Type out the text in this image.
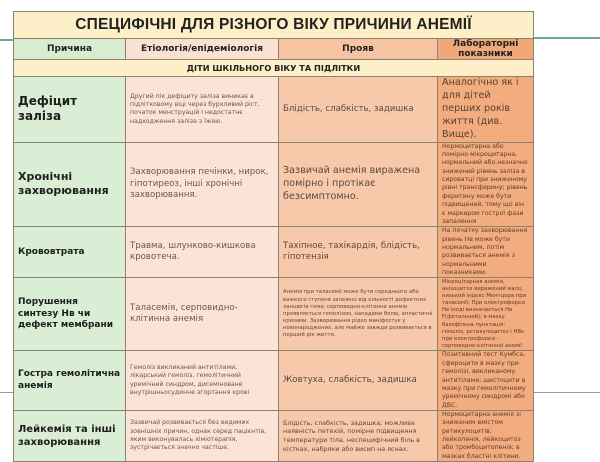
СПЕЦИФІЧНІ ДЛЯ РІЗНОГО ВІКУ ПРИЧИНИ АНЕМІЇ			
Причина	Етіологія/епідеміологія	Прояв	Лабораторні показники
ДІТИ ШКІЛЬНОГО ВІКУ ТА ПІДЛІТКИ			
Дефіцит заліза	Другий пік дефіциту заліза виникає в підлітковому віці через бурхливий ріст, початок менструацій і недостатнє надходження заліза з їжею.	Блідість, слабкість, задишка	Аналогічно як і для дітей перших років життя (див. Вище).
Хронічні захворювання	Захворювання печінки, нирок, гіпотиреоз, інші хронічні захворювання.	Зазвичай анемія виражена помірно і протікає безсимптомно.	Нормоцитарна або помірно мікроцитарна, нормальний або незначно знижений рівень заліза в сироватці при зниженому рівні трансферину; рівень феритину може бути підвищений, тому що він є маркером гострої фази запалення
Крововтрата	Травма, шлунково-кишкова кровотеча.	Тахіпное, тахікардія, блідість, гіпотензія	На початку захворювання рівень Нв може бути нормальним, потім розвивається анемія з нормальними показниками.
Порушення синтезу Нв чи дефект мембрани	Таласемія, серповидно-клітинна анемія	Анемія при таласемії може бути середнього або важкого ступеня залежно від кількості дефектних ланцюгів гема: серповидно-клітинна анемія проявляється гемолізом, нападами болю, апластичні кризами. Захворювання рідко маніфестує у новонароджених, але майже завжди розвивається в перший рік життя.	Мікроцітарная анемія, анізоцитоз виражений мало, низький індекс Ментцера при таласемії; При електрофорезі Нв іноді визначається Нв F(фетальний); в мазку базофільна пунктація; гемоліз, ретикулоцитоз і НВs при електрофорезі - серповидно-клітинної анемії
Гостра гемолітична анемія	Гемоліз викликаний антитілами, лікарський гемоліз, гемолітичний уремічний синдром, дисеміноване внутрішньосудинне згортання крові	Жовтуха, слабкість, задишка	Позитивний тест Кумбса, сфероцити в мазку при гемолізі, викликаному антитілами; шистоцити в мазку при гемолітичному уремічному синдромі або ДВС.
Лейкемія та інші захворювання	Зазвичай розвивається без видимих зовнішніх причин, однак серед пацієнтів, яким виконувалась хіміотерапія, зустрічається значно частіше.	Блідість, слабкість, задишка; можлива наявність петехій, помірне підвищення температури тіла, неспецифічний біль в кістках, набряки або висип на яснах.	Нормоцитарна анемія зі зниженим вмістом ретикулоцитів; лейкопенія, лейкоцитоз або тромбоцитопенія; в мазках бластні клітини.
